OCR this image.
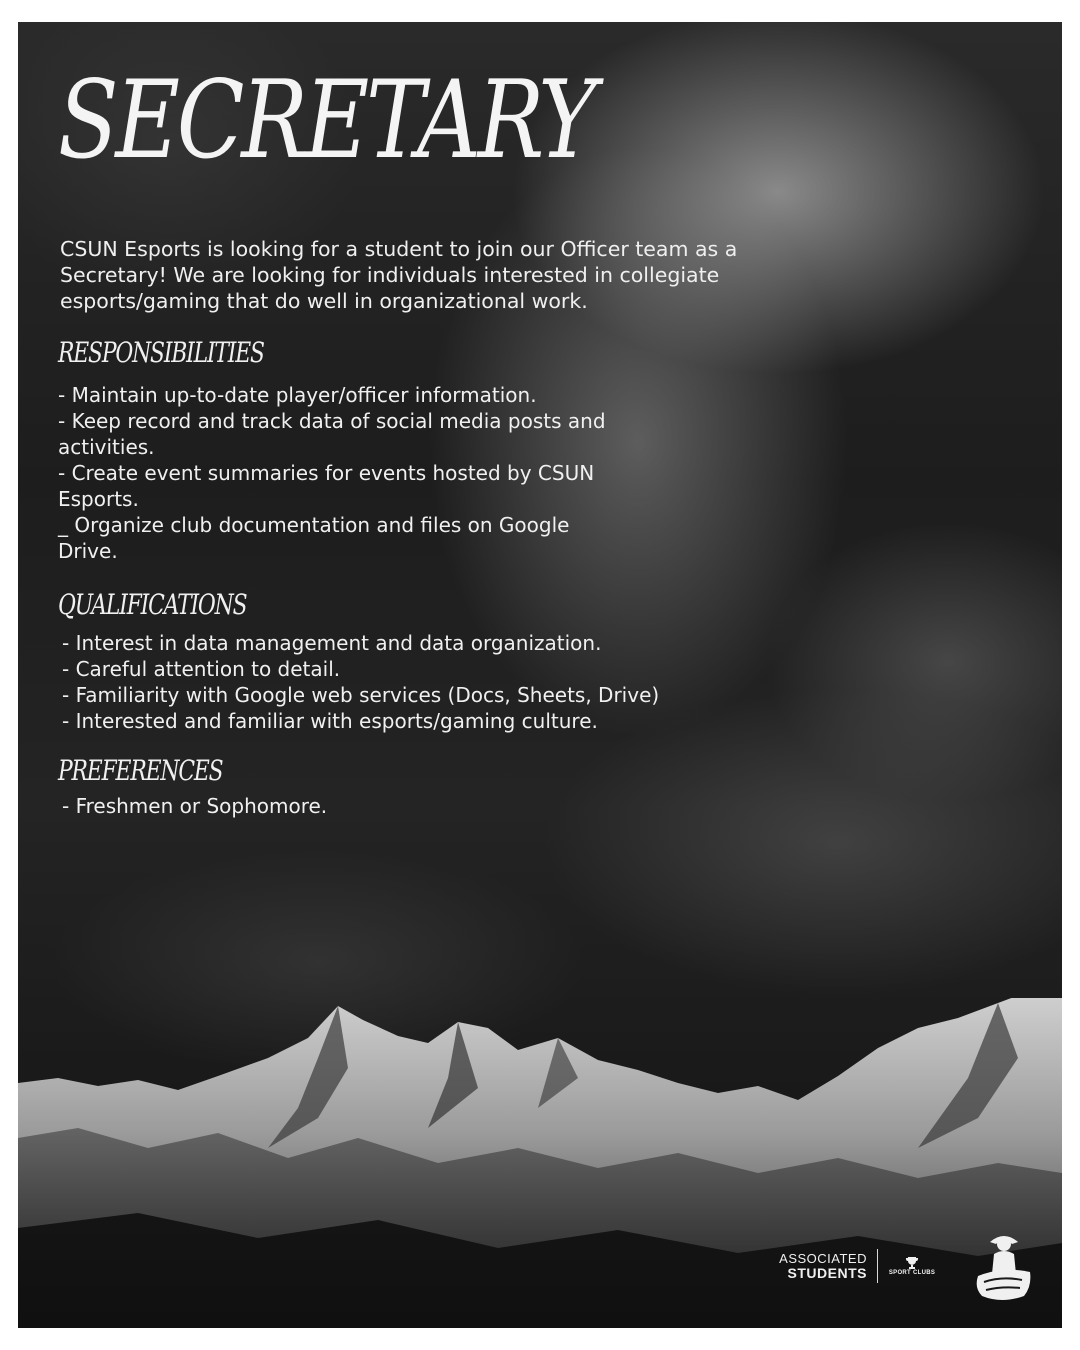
SECRETARY

CSUN Esports is looking for a student to join our Officer team as a Secretary! We are looking for individuals interested in collegiate esports/gaming that do well in organizational work.

RESPONSIBILITIES
- Maintain up-to-date player/officer information.
- Keep record and track data of social media posts and activities.
- Create event summaries for events hosted by CSUN Esports.
_ Organize club documentation and files on Google Drive.
QUALIFICATIONS
- Interest in data management and data organization.
- Careful attention to detail.
- Familiarity with Google web services (Docs, Sheets, Drive)
- Interested and familiar with esports/gaming culture.
PREFERENCES
- Freshmen or Sophomore.
ASSOCIATED
STUDENTS	SPORT CLUBS
